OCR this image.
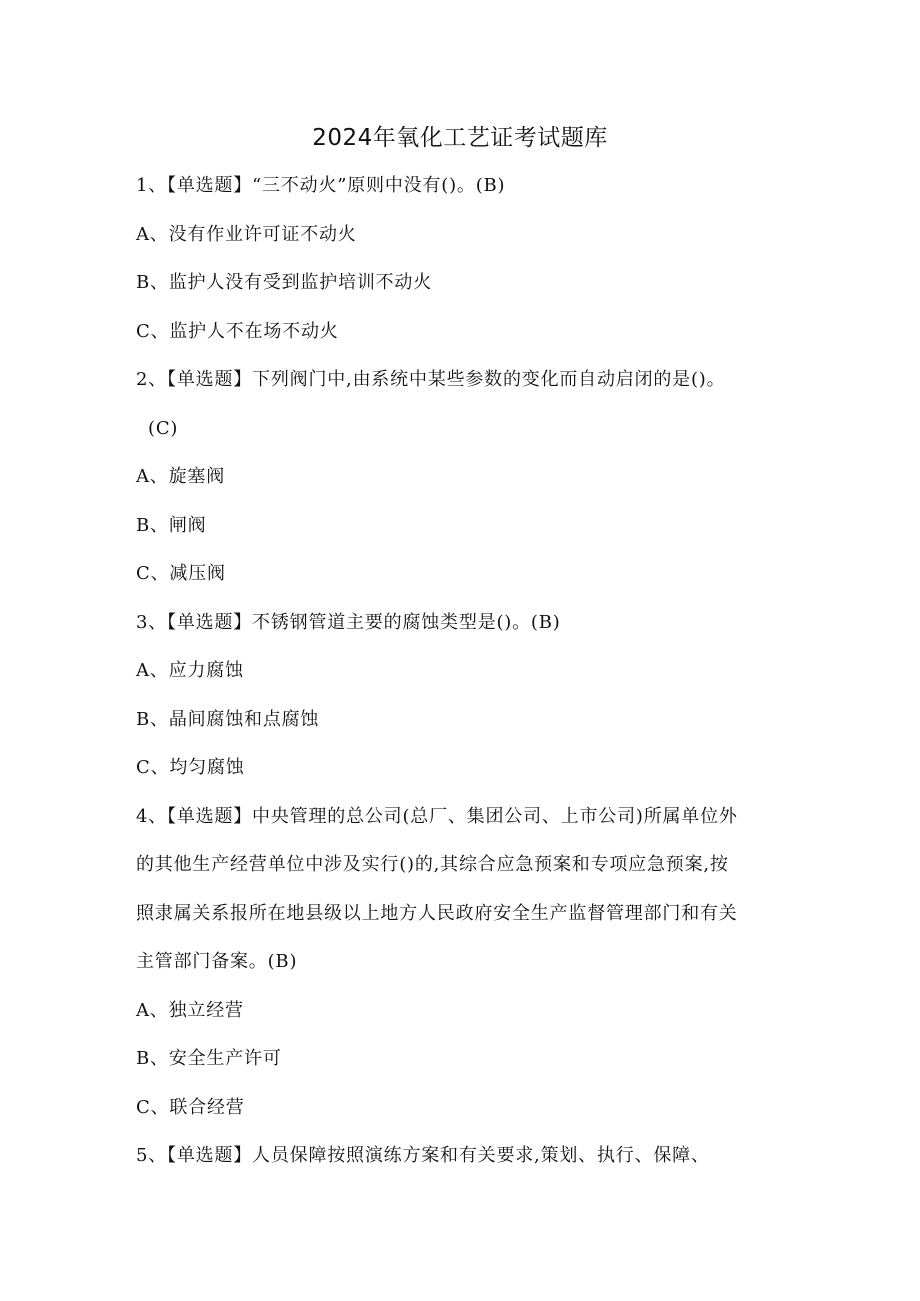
2024年氧化工艺证考试题库
1、【单选题】“三不动火”原则中没有()。(B)
A、没有作业许可证不动火
B、监护人没有受到监护培训不动火
C、监护人不在场不动火
2、【单选题】下列阀门中,由系统中某些参数的变化而自动启闭的是()。
(C)
A、旋塞阀
B、闸阀
C、减压阀
3、【单选题】不锈钢管道主要的腐蚀类型是()。(B)
A、应力腐蚀
B、晶间腐蚀和点腐蚀
C、均匀腐蚀
4、【单选题】中央管理的总公司(总厂、集团公司、上市公司)所属单位外
的其他生产经营单位中涉及实行()的,其综合应急预案和专项应急预案,按
照隶属关系报所在地县级以上地方人民政府安全生产监督管理部门和有关
主管部门备案。(B)
A、独立经营
B、安全生产许可
C、联合经营
5、【单选题】人员保障按照演练方案和有关要求,策划、执行、保障、
